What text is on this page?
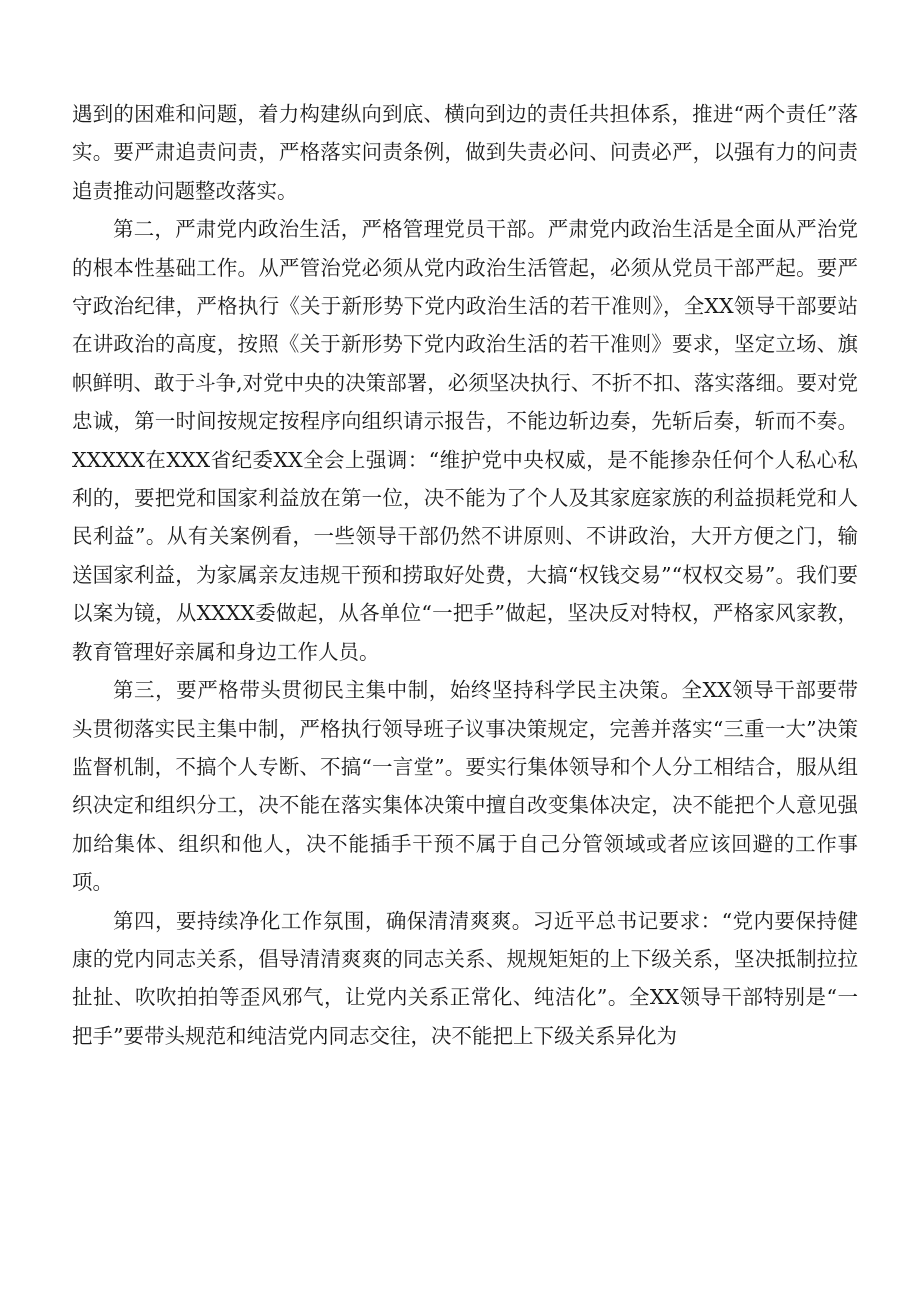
遇到的困难和问题，着力构建纵向到底、横向到边的责任共担体系，推进“两个责任”落实。要严肃追责问责，严格落实问责条例，做到失责必问、问责必严，以强有力的问责追责推动问题整改落实。

第二，严肃党内政治生活，严格管理党员干部。严肃党内政治生活是全面从严治党的根本性基础工作。从严管治党必须从党内政治生活管起，必须从党员干部严起。要严守政治纪律，严格执行《关于新形势下党内政治生活的若干准则》，全XX领导干部要站在讲政治的高度，按照《关于新形势下党内政治生活的若干准则》要求，坚定立场、旗帜鲜明、敢于斗争,对党中央的决策部署，必须坚决执行、不折不扣、落实落细。要对党忠诚，第一时间按规定按程序向组织请示报告，不能边斩边奏，先斩后奏，斩而不奏。XXXXX在XXX省纪委XX全会上强调：“维护党中央权威，是不能掺杂任何个人私心私利的，要把党和国家利益放在第一位，决不能为了个人及其家庭家族的利益损耗党和人民利益”。从有关案例看，一些领导干部仍然不讲原则、不讲政治，大开方便之门，输送国家利益，为家属亲友违规干预和捞取好处费，大搞“权钱交易”“权权交易”。我们要以案为镜，从XXXX委做起，从各单位“一把手”做起，坚决反对特权，严格家风家教，教育管理好亲属和身边工作人员。

第三，要严格带头贯彻民主集中制，始终坚持科学民主决策。全XX领导干部要带头贯彻落实民主集中制，严格执行领导班子议事决策规定，完善并落实“三重一大”决策监督机制，不搞个人专断、不搞“一言堂”。要实行集体领导和个人分工相结合，服从组织决定和组织分工，决不能在落实集体决策中擅自改变集体决定，决不能把个人意见强加给集体、组织和他人，决不能插手干预不属于自己分管领域或者应该回避的工作事项。

第四，要持续净化工作氛围，确保清清爽爽。习近平总书记要求：“党内要保持健康的党内同志关系，倡导清清爽爽的同志关系、规规矩矩的上下级关系，坚决抵制拉拉扯扯、吹吹拍拍等歪风邪气，让党内关系正常化、纯洁化”。全XX领导干部特别是“一把手”要带头规范和纯洁党内同志交往，决不能把上下级关系异化为
